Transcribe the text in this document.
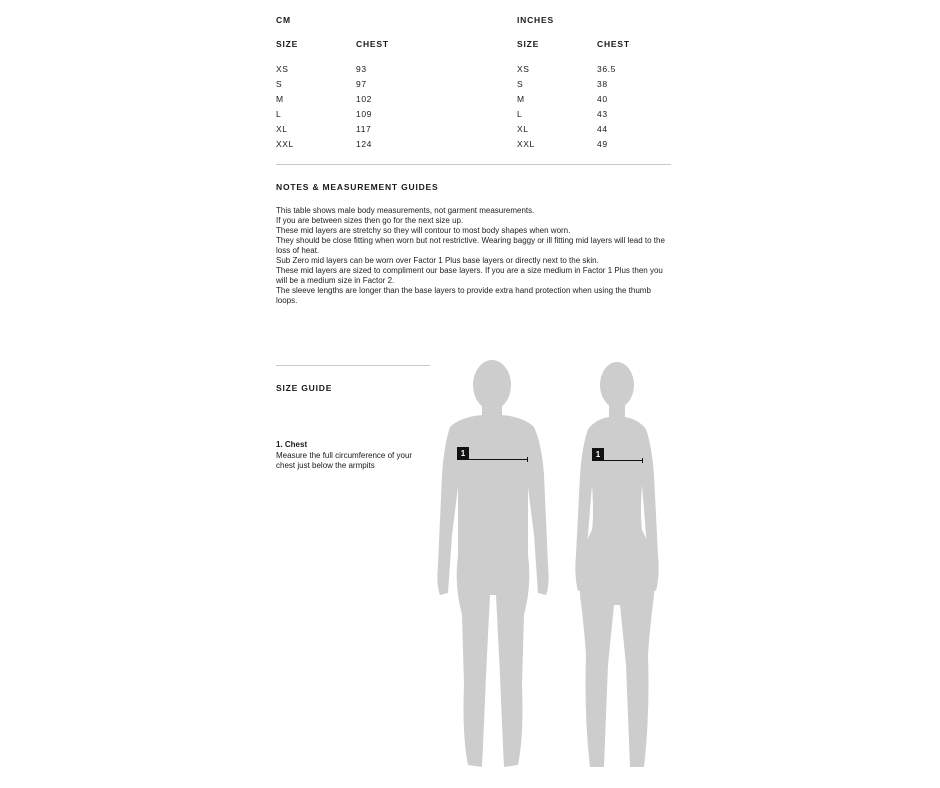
CM
SIZE	CHEST
XS	93
S	97
M	102
L	109
XL	117
XXL	124
INCHES
SIZE	CHEST
XS	36.5
S	38
M	40
L	43
XL	44
XXL	49
NOTES & MEASUREMENT GUIDES

This table shows male body measurements, not garment measurements.

If you are between sizes then go for the next size up.

These mid layers are stretchy so they will contour to most body shapes when worn.

They should be close fitting when worn but not restrictive. Wearing baggy or ill fitting mid layers will lead to the loss of heat.

Sub Zero mid layers can be worn over Factor 1 Plus base layers or directly next to the skin.

These mid layers are sized to compliment our base layers. If you are a size medium in Factor 1 Plus then you will be a medium size in Factor 2.

The sleeve lengths are longer than the base layers to provide extra hand protection when using the thumb loops.

SIZE GUIDE
1. Chest
Measure the full circumference of your chest just below the armpits
1	1
